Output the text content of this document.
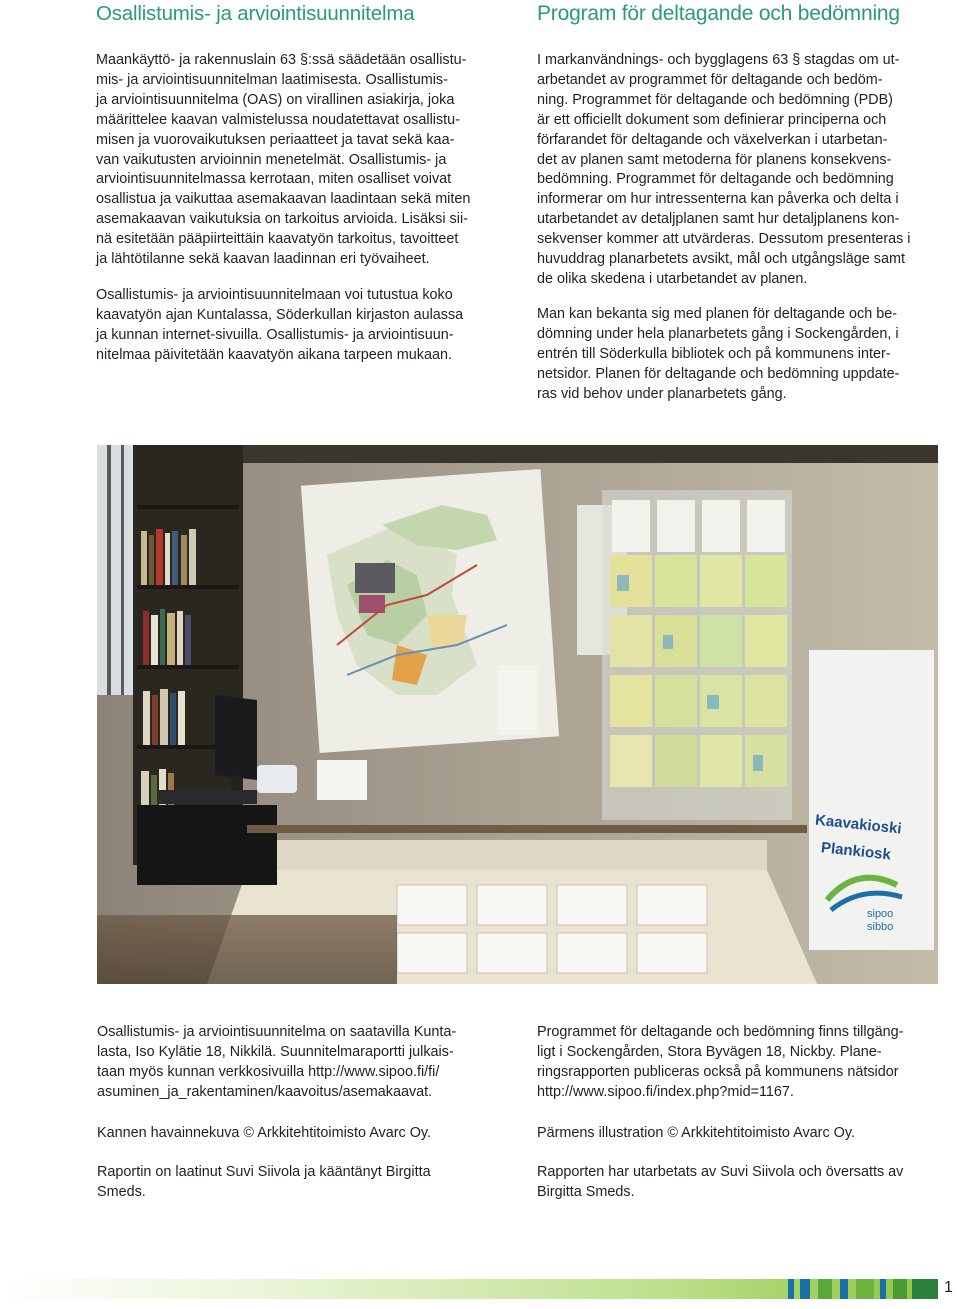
Osallistumis- ja arviointisuunnitelma	Program för deltagande och bedömning

Maankäyttö- ja rakennuslain 63 §:ssä säädetään osallistu-
mis- ja arviointisuunnitelman laatimisesta. Osallistumis-
ja arviointisuunnitelma (OAS) on virallinen asiakirja, joka
määrittelee kaavan valmistelussa noudatettavat osallistu-
misen ja vuorovaikutuksen periaatteet ja tavat sekä kaa-
van vaikutusten arvioinnin menetelmät. Osallistumis- ja
arviointisuunnitelmassa kerrotaan, miten osalliset voivat
osallistua ja vaikuttaa asemakaavan laadintaan sekä miten
asemakaavan vaikutuksia on tarkoitus arvioida. Lisäksi sii-
nä esitetään pääpiirteittäin kaavatyön tarkoitus, tavoitteet
ja lähtötilanne sekä kaavan laadinnan eri työvaiheet.

Osallistumis- ja arviointisuunnitelmaan voi tutustua koko
kaavatyön ajan Kuntalassa, Söderkullan kirjaston aulassa
ja kunnan internet-sivuilla. Osallistumis- ja arviointisuun-
nitelmaa päivitetään kaavatyön aikana tarpeen mukaan.

I markanvändnings- och bygglagens 63 § stagdas om ut-
arbetandet av programmet för deltagande och bedöm-
ning. Programmet för deltagande och bedömning (PDB)
är ett officiellt dokument som definierar principerna och
förfarandet för deltagande och växelverkan i utarbetan-
det av planen samt metoderna för planens konsekvens-
bedömning. Programmet för deltagande och bedömning
informerar om hur intressenterna kan påverka och delta i
utarbetandet av detaljplanen samt hur detaljplanens kon-
sekvenser kommer att utvärderas. Dessutom presenteras i
huvuddrag planarbetets avsikt, mål och utgångsläge samt
de olika skedena i utarbetandet av planen.

Man kan bekanta sig med planen för deltagande och be-
dömning under hela planarbetets gång i Sockengården, i
entrén till Söderkulla bibliotek och på kommunens inter-
netsidor. Planen för deltagande och bedömning uppdate-
ras vid behov under planarbetets gång.

Kaavakioski
Plankiosk
sipoo
sibbo

Osallistumis- ja arviointisuunnitelma on saatavilla Kunta-
lasta, Iso Kylätie 18, Nikkilä. Suunnitelmaraportti julkais-
taan myös kunnan verkkosivuilla http://www.sipoo.fi/fi/
asuminen_ja_rakentaminen/kaavoitus/asemakaavat.

Kannen havainnekuva © Arkkitehtitoimisto Avarc Oy.

Raportin on laatinut Suvi Siivola ja kääntänyt Birgitta
Smeds.

Programmet för deltagande och bedömning finns tillgäng-
ligt i Sockengården, Stora Byvägen 18, Nickby. Plane-
ringsrapporten publiceras också på kommunens nätsidor
http://www.sipoo.fi/index.php?mid=1167.

Pärmens illustration © Arkkitehtitoimisto Avarc Oy.

Rapporten har utarbetats av Suvi Siivola och översatts av
Birgitta Smeds.

1
